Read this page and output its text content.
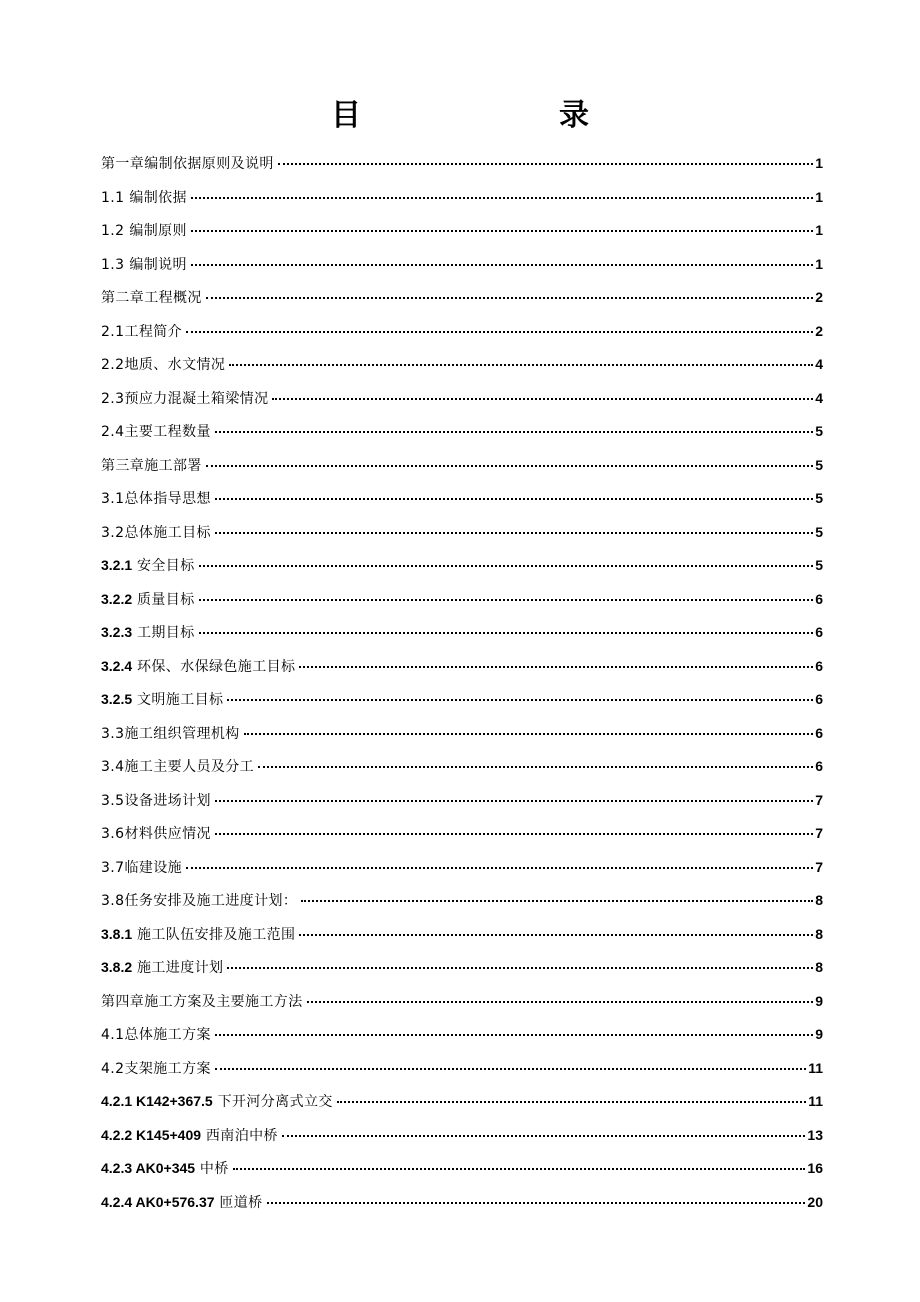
目　　录
第一章编制依据原则及说明	1
1.1 编制依据	1
1.2 编制原则	1
1.3 编制说明	1
第二章工程概况	2
2.1工程简介	2
2.2地质、水文情况	4
2.3预应力混凝土箱梁情况	4
2.4主要工程数量	5
第三章施工部署	5
3.1总体指导思想	5
3.2总体施工目标	5
3.2.1 安全目标	5
3.2.2 质量目标	6
3.2.3 工期目标	6
3.2.4 环保、水保绿色施工目标	6
3.2.5 文明施工目标	6
3.3施工组织管理机构	6
3.4施工主要人员及分工	6
3.5设备进场计划	7
3.6材料供应情况	7
3.7临建设施	7
3.8任务安排及施工进度计划：	8
3.8.1 施工队伍安排及施工范围	8
3.8.2 施工进度计划	8
第四章施工方案及主要施工方法	9
4.1总体施工方案	9
4.2支架施工方案	11
4.2.1 K142+367.5 下开河分离式立交	11
4.2.2 K145+409 西南泊中桥	13
4.2.3 AK0+345 中桥	16
4.2.4 AK0+576.37 匝道桥	20
